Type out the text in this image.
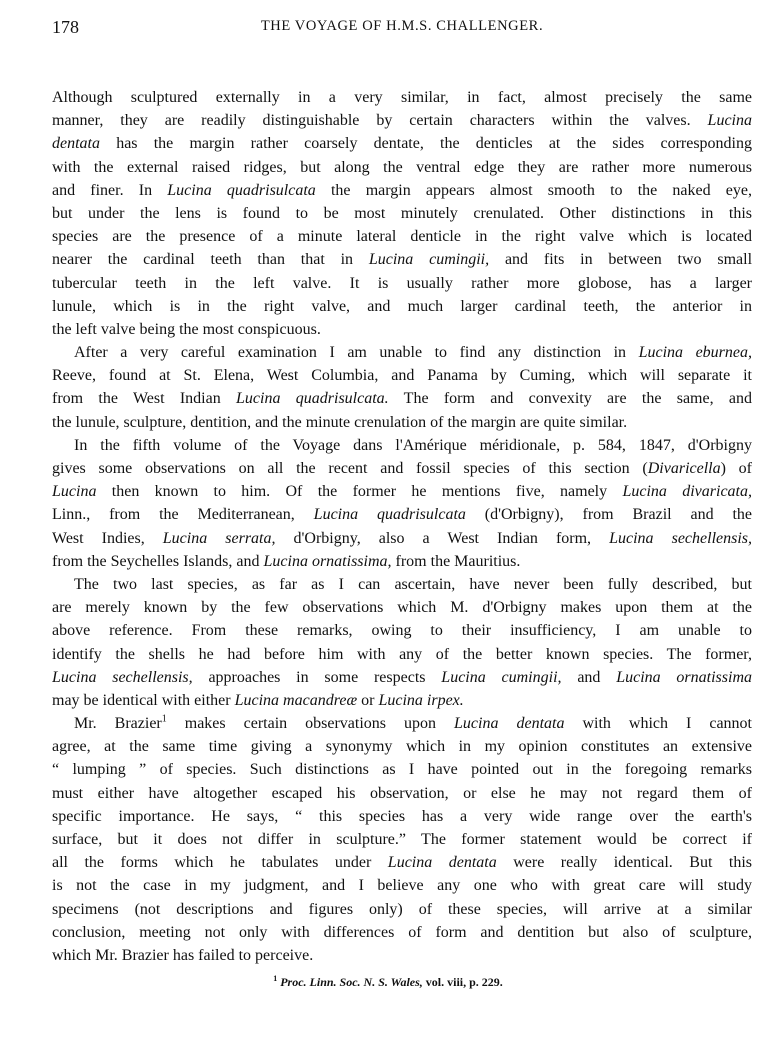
178	THE VOYAGE OF H.M.S. CHALLENGER.
Although sculptured externally in a very similar, in fact, almost precisely the same
manner, they are readily distinguishable by certain characters within the valves. Lucina
dentata has the margin rather coarsely dentate, the denticles at the sides corresponding
with the external raised ridges, but along the ventral edge they are rather more numerous
and finer. In Lucina quadrisulcata the margin appears almost smooth to the naked eye,
but under the lens is found to be most minutely crenulated. Other distinctions in this
species are the presence of a minute lateral denticle in the right valve which is located
nearer the cardinal teeth than that in Lucina cumingii, and fits in between two small
tubercular teeth in the left valve. It is usually rather more globose, has a larger
lunule, which is in the right valve, and much larger cardinal teeth, the anterior in
the left valve being the most conspicuous.
After a very careful examination I am unable to find any distinction in Lucina eburnea,
Reeve, found at St. Elena, West Columbia, and Panama by Cuming, which will separate it
from the West Indian Lucina quadrisulcata. The form and convexity are the same, and
the lunule, sculpture, dentition, and the minute crenulation of the margin are quite similar.
In the fifth volume of the Voyage dans l'Amérique méridionale, p. 584, 1847, d'Orbigny
gives some observations on all the recent and fossil species of this section (Divaricella) of
Lucina then known to him. Of the former he mentions five, namely Lucina divaricata,
Linn., from the Mediterranean, Lucina quadrisulcata (d'Orbigny), from Brazil and the
West Indies, Lucina serrata, d'Orbigny, also a West Indian form, Lucina sechellensis,
from the Seychelles Islands, and Lucina ornatissima, from the Mauritius.
The two last species, as far as I can ascertain, have never been fully described, but
are merely known by the few observations which M. d'Orbigny makes upon them at the
above reference. From these remarks, owing to their insufficiency, I am unable to
identify the shells he had before him with any of the better known species. The former,
Lucina sechellensis, approaches in some respects Lucina cumingii, and Lucina ornatissima
may be identical with either Lucina macandreæ or Lucina irpex.
Mr. Brazier$^1$ makes certain observations upon Lucina dentata with which I cannot
agree, at the same time giving a synonymy which in my opinion constitutes an extensive
“ lumping ” of species. Such distinctions as I have pointed out in the foregoing remarks
must either have altogether escaped his observation, or else he may not regard them of
specific importance. He says, “ this species has a very wide range over the earth's
surface, but it does not differ in sculpture.” The former statement would be correct if
all the forms which he tabulates under Lucina dentata were really identical. But this
is not the case in my judgment, and I believe any one who with great care will study
specimens (not descriptions and figures only) of these species, will arrive at a similar
conclusion, meeting not only with differences of form and dentition but also of sculpture,
which Mr. Brazier has failed to perceive.
$^1$ Proc. Linn. Soc. N. S. Wales, vol. viii, p. 229.
